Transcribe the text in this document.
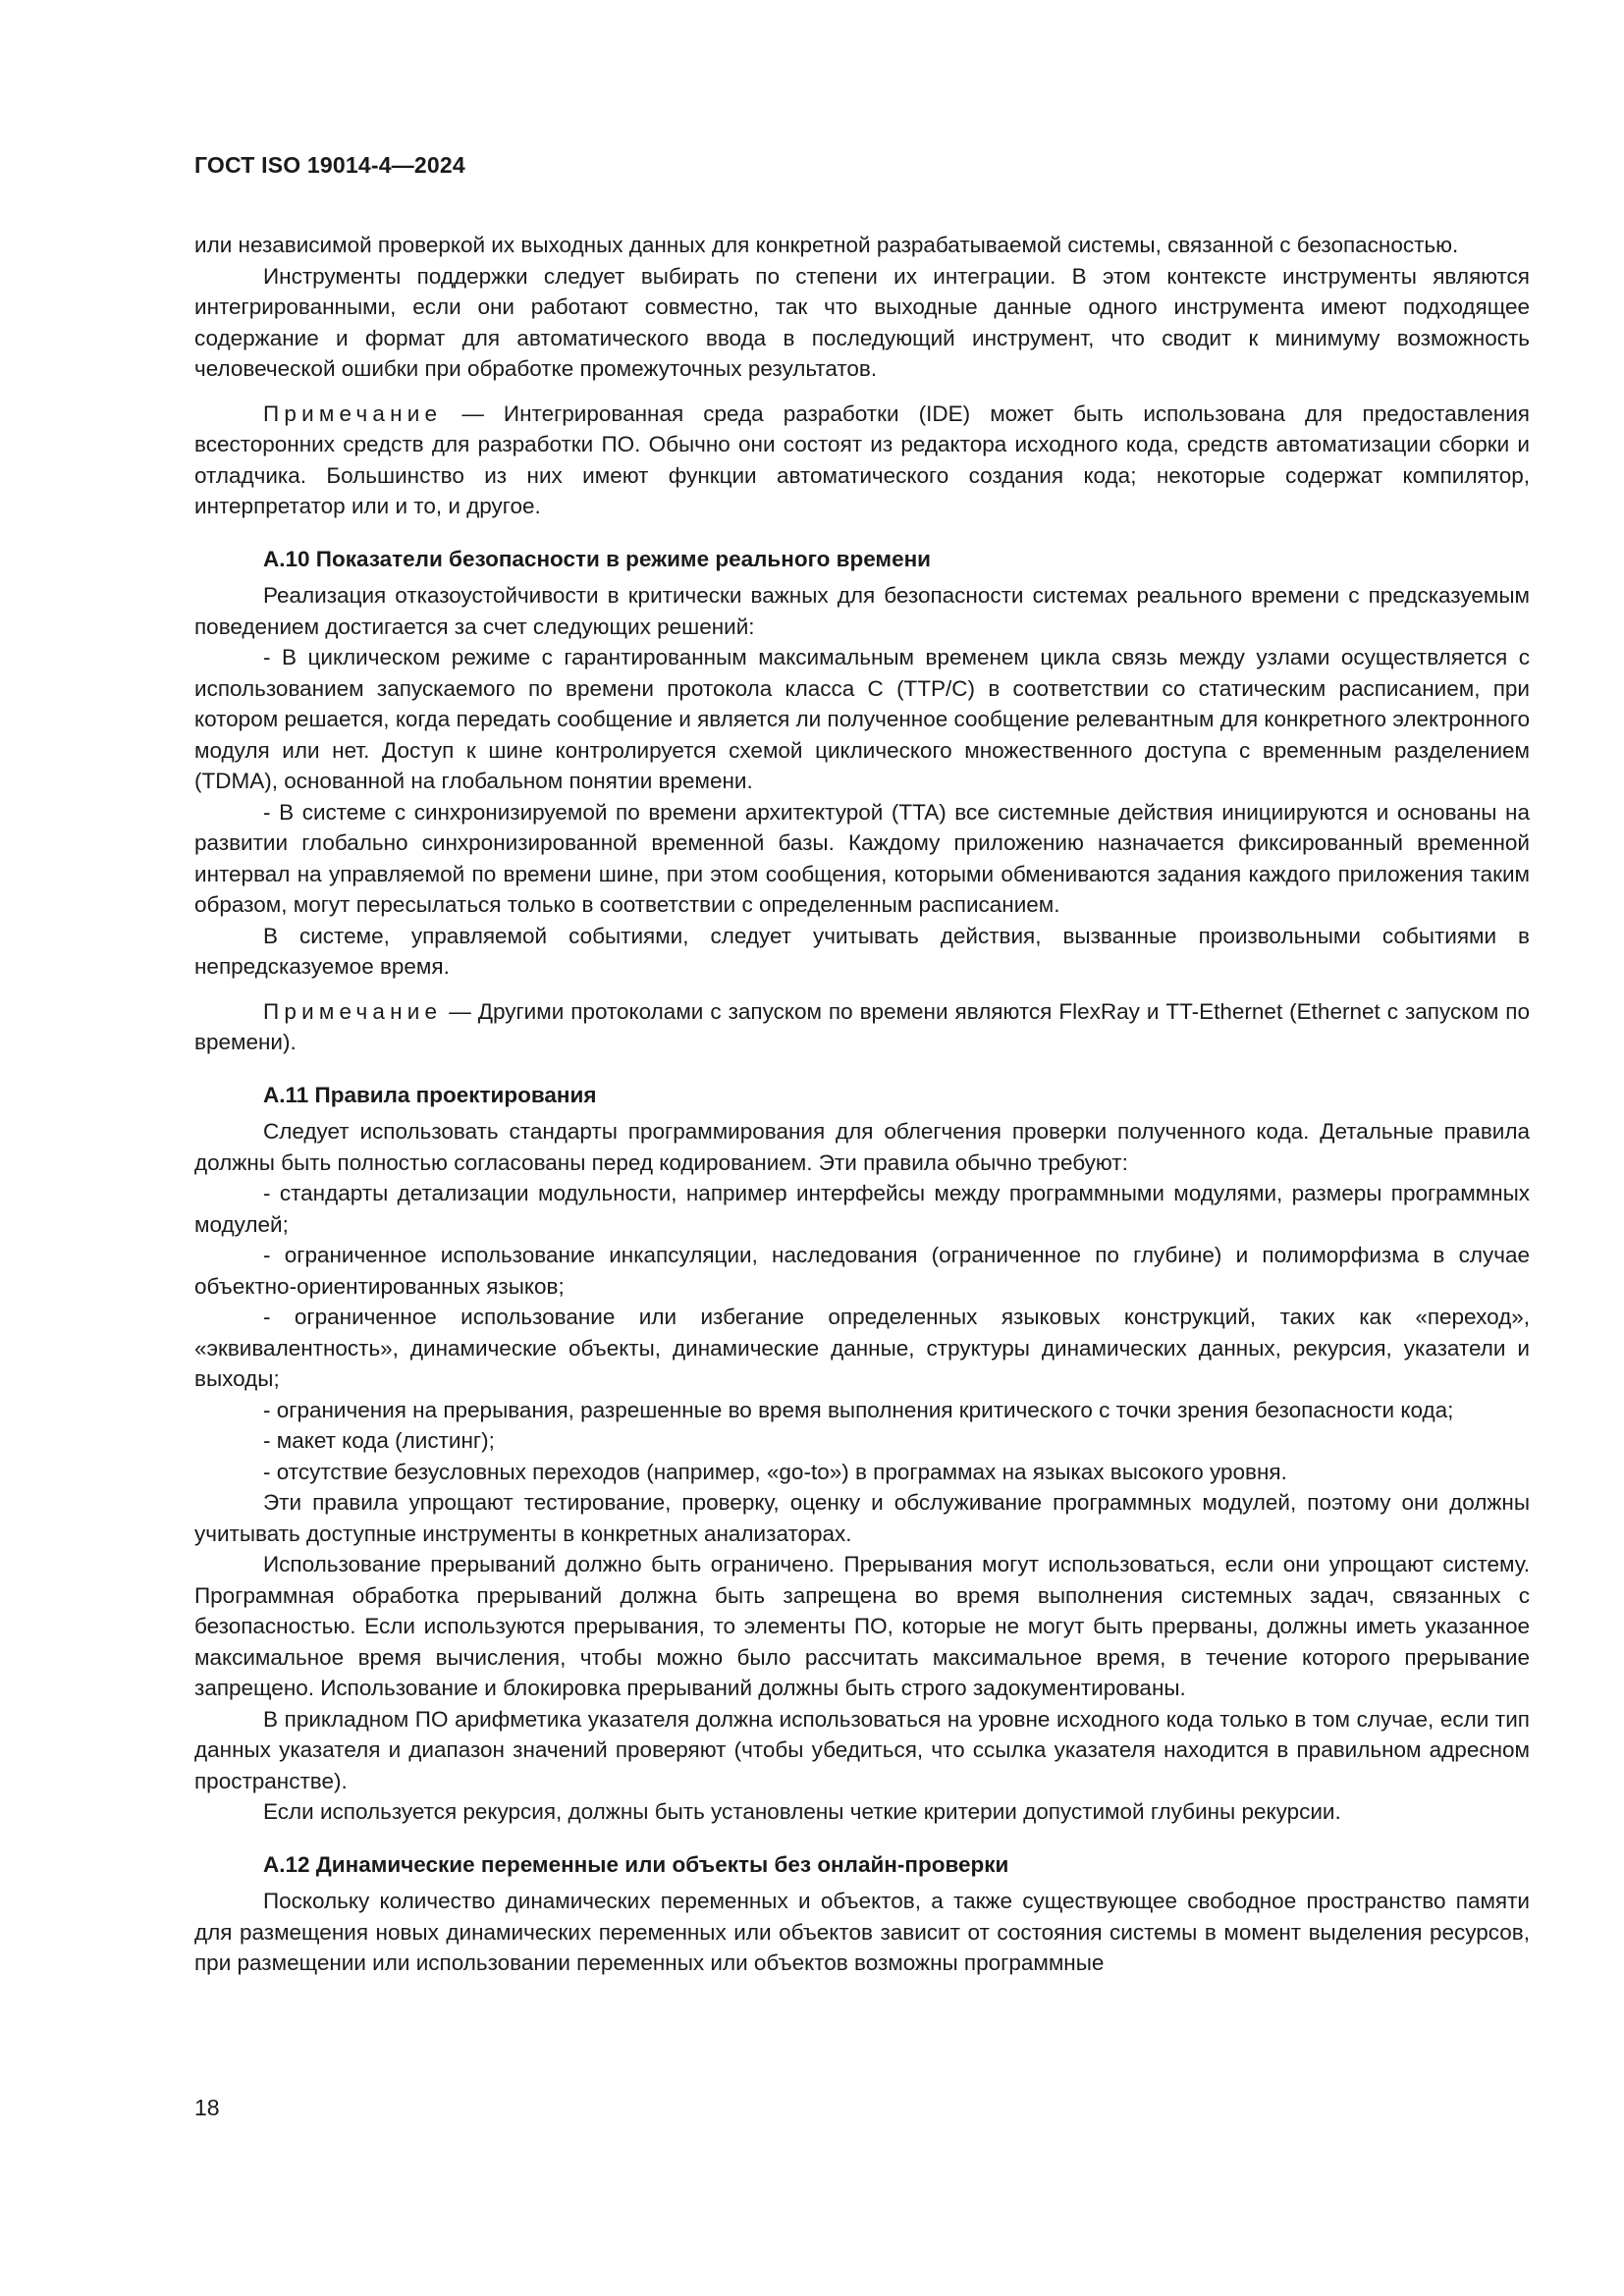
ГОСТ ISO 19014-4—2024

или независимой проверкой их выходных данных для конкретной разрабатываемой системы, связанной с безопасностью.

Инструменты поддержки следует выбирать по степени их интеграции. В этом контексте инструменты являются интегрированными, если они работают совместно, так что выходные данные одного инструмента имеют подходящее содержание и формат для автоматического ввода в последующий инструмент, что сводит к минимуму возможность человеческой ошибки при обработке промежуточных результатов.

Примечание — Интегрированная среда разработки (IDE) может быть использована для предоставления всесторонних средств для разработки ПО. Обычно они состоят из редактора исходного кода, средств автоматизации сборки и отладчика. Большинство из них имеют функции автоматического создания кода; некоторые содержат компилятор, интерпретатор или и то, и другое.

А.10 Показатели безопасности в режиме реального времени

Реализация отказоустойчивости в критически важных для безопасности системах реального времени с предсказуемым поведением достигается за счет следующих решений:

- В циклическом режиме с гарантированным максимальным временем цикла связь между узлами осуществляется с использованием запускаемого по времени протокола класса C (TTP/C) в соответствии со статическим расписанием, при котором решается, когда передать сообщение и является ли полученное сообщение релевантным для конкретного электронного модуля или нет. Доступ к шине контролируется схемой циклического множественного доступа с временным разделением (TDMA), основанной на глобальном понятии времени.

- В системе с синхронизируемой по времени архитектурой (TTA) все системные действия инициируются и основаны на развитии глобально синхронизированной временной базы. Каждому приложению назначается фиксированный временной интервал на управляемой по времени шине, при этом сообщения, которыми обмениваются задания каждого приложения таким образом, могут пересылаться только в соответствии с определенным расписанием.

В системе, управляемой событиями, следует учитывать действия, вызванные произвольными событиями в непредсказуемое время.

Примечание — Другими протоколами с запуском по времени являются FlexRay и TT-Ethernet (Ethernet с запуском по времени).

А.11 Правила проектирования

Следует использовать стандарты программирования для облегчения проверки полученного кода. Детальные правила должны быть полностью согласованы перед кодированием. Эти правила обычно требуют:

- стандарты детализации модульности, например интерфейсы между программными модулями, размеры программных модулей;

- ограниченное использование инкапсуляции, наследования (ограниченное по глубине) и полиморфизма в случае объектно-ориентированных языков;

- ограниченное использование или избегание определенных языковых конструкций, таких как «переход», «эквивалентность», динамические объекты, динамические данные, структуры динамических данных, рекурсия, указатели и выходы;

- ограничения на прерывания, разрешенные во время выполнения критического с точки зрения безопасности кода;

- макет кода (листинг);

- отсутствие безусловных переходов (например, «go-to») в программах на языках высокого уровня.

Эти правила упрощают тестирование, проверку, оценку и обслуживание программных модулей, поэтому они должны учитывать доступные инструменты в конкретных анализаторах.

Использование прерываний должно быть ограничено. Прерывания могут использоваться, если они упрощают систему. Программная обработка прерываний должна быть запрещена во время выполнения системных задач, связанных с безопасностью. Если используются прерывания, то элементы ПО, которые не могут быть прерваны, должны иметь указанное максимальное время вычисления, чтобы можно было рассчитать максимальное время, в течение которого прерывание запрещено. Использование и блокировка прерываний должны быть строго задокументированы.

В прикладном ПО арифметика указателя должна использоваться на уровне исходного кода только в том случае, если тип данных указателя и диапазон значений проверяют (чтобы убедиться, что ссылка указателя находится в правильном адресном пространстве).

Если используется рекурсия, должны быть установлены четкие критерии допустимой глубины рекурсии.

А.12 Динамические переменные или объекты без онлайн-проверки

Поскольку количество динамических переменных и объектов, а также существующее свободное пространство памяти для размещения новых динамических переменных или объектов зависит от состояния системы в момент выделения ресурсов, при размещении или использовании переменных или объектов возможны программные

18
